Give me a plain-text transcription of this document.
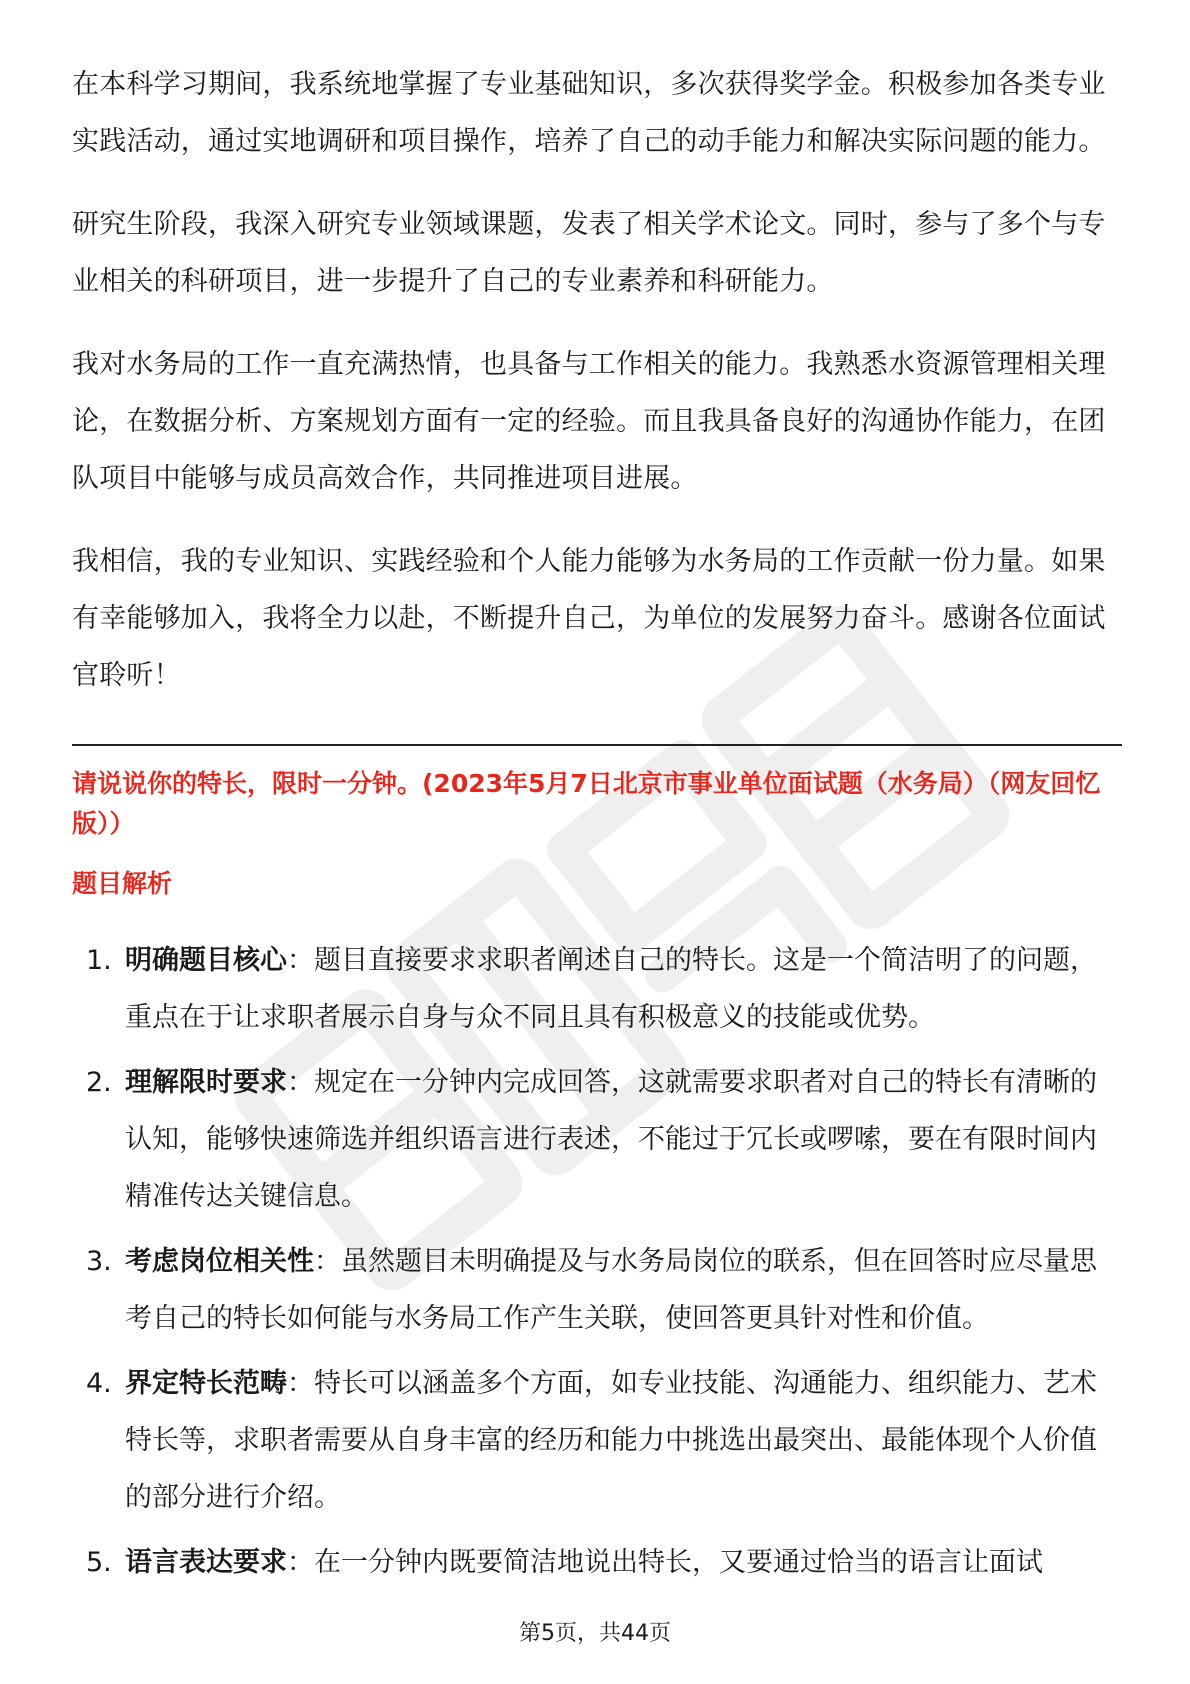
在本科学习期间，我系统地掌握了专业基础知识，多次获得奖学金。积极参加各类专业实践活动，通过实地调研和项目操作，培养了自己的动手能力和解决实际问题的能力。

研究生阶段，我深入研究专业领域课题，发表了相关学术论文。同时，参与了多个与专业相关的科研项目，进一步提升了自己的专业素养和科研能力。

我对水务局的工作一直充满热情，也具备与工作相关的能力。我熟悉水资源管理相关理论，在数据分析、方案规划方面有一定的经验。而且我具备良好的沟通协作能力，在团队项目中能够与成员高效合作，共同推进项目进展。

我相信，我的专业知识、实践经验和个人能力能够为水务局的工作贡献一份力量。如果有幸能够加入，我将全力以赴，不断提升自己，为单位的发展努力奋斗。感谢各位面试官聆听！

请说说你的特长，限时一分钟。(2023年5月7日北京市事业单位面试题（水务局）（网友回忆版））
题目解析
1. 明确题目核心：题目直接要求求职者阐述自己的特长。这是一个简洁明了的问题，重点在于让求职者展示自身与众不同且具有积极意义的技能或优势。
2. 理解限时要求：规定在一分钟内完成回答，这就需要求职者对自己的特长有清晰的认知，能够快速筛选并组织语言进行表述，不能过于冗长或啰嗦，要在有限时间内精准传达关键信息。
3. 考虑岗位相关性：虽然题目未明确提及与水务局岗位的联系，但在回答时应尽量思考自己的特长如何能与水务局工作产生关联，使回答更具针对性和价值。
4. 界定特长范畴：特长可以涵盖多个方面，如专业技能、沟通能力、组织能力、艺术特长等，求职者需要从自身丰富的经历和能力中挑选出最突出、最能体现个人价值的部分进行介绍。
5. 语言表达要求：在一分钟内既要简洁地说出特长，又要通过恰当的语言让面试
第5页，共44页
